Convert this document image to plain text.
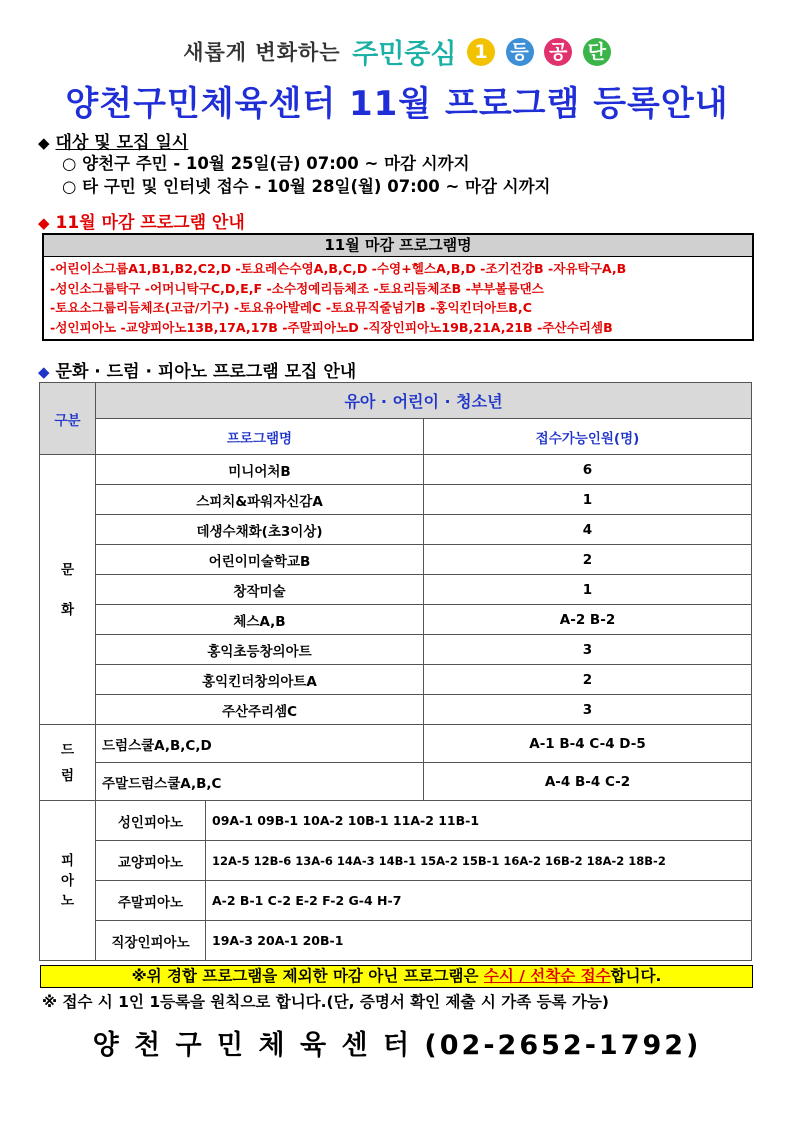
새롭게 변화하는 주민중심 1 등 공 단
양천구민체육센터 11월 프로그램 등록안내
◆ 대상 및 모집 일시
○ 양천구 주민 - 10월 25일(금) 07:00 ~ 마감 시까지
○ 타 구민 및 인터넷 접수 - 10월 28일(월) 07:00 ~ 마감 시까지
◆ 11월 마감 프로그램 안내
11월 마감 프로그램명
-어린이소그룹A1,B1,B2,C2,D -토요레슨수영A,B,C,D -수영+헬스A,B,D -조기건강B -자유탁구A,B
-성인소그룹탁구 -어머니탁구C,D,E,F -소수정예리듬체조 -토요리듬체조B -부부볼룸댄스
-토요소그룹리듬체조(고급/기구) -토요유아발레C -토요뮤직줄넘기B -홍익킨더아트B,C
-성인피아노 -교양피아노13B,17A,17B -주말피아노D -직장인피아노19B,21A,21B -주산수리셈B
◆ 문화 · 드럼 · 피아노 프로그램 모집 안내
구분	유아 · 어린이 · 청소년		
	프로그램명		접수가능인원(명)
문
화	미니어처B		6
	스피치&파워자신감A		1
	데생수채화(초3이상)		4
	어린이미술학교B		2
	창작미술		1
	체스A,B		A-2 B-2
	홍익초등창의아트		3
	홍익킨더창의아트A		2
	주산주리셈C		3
드
럼	드럼스쿨A,B,C,D		A-1 B-4 C-4 D-5
	주말드럼스쿨A,B,C		A-4 B-4 C-2
피
아
노	성인피아노	09A-1 09B-1 10A-2 10B-1 11A-2 11B-1	
	교양피아노	12A-5 12B-6 13A-6 14A-3 14B-1 15A-2 15B-1 16A-2 16B-2 18A-2 18B-2	
	주말피아노	A-2 B-1 C-2 E-2 F-2 G-4 H-7	
	직장인피아노	19A-3 20A-1 20B-1	
※위 경합 프로그램을 제외한 마감 아닌 프로그램은 수시 / 선착순 접수합니다.
※ 접수 시 1인 1등록을 원칙으로 합니다.(단, 증명서 확인 제출 시 가족 등록 가능)
양 천 구 민 체 육 센 터 (02-2652-1792)
